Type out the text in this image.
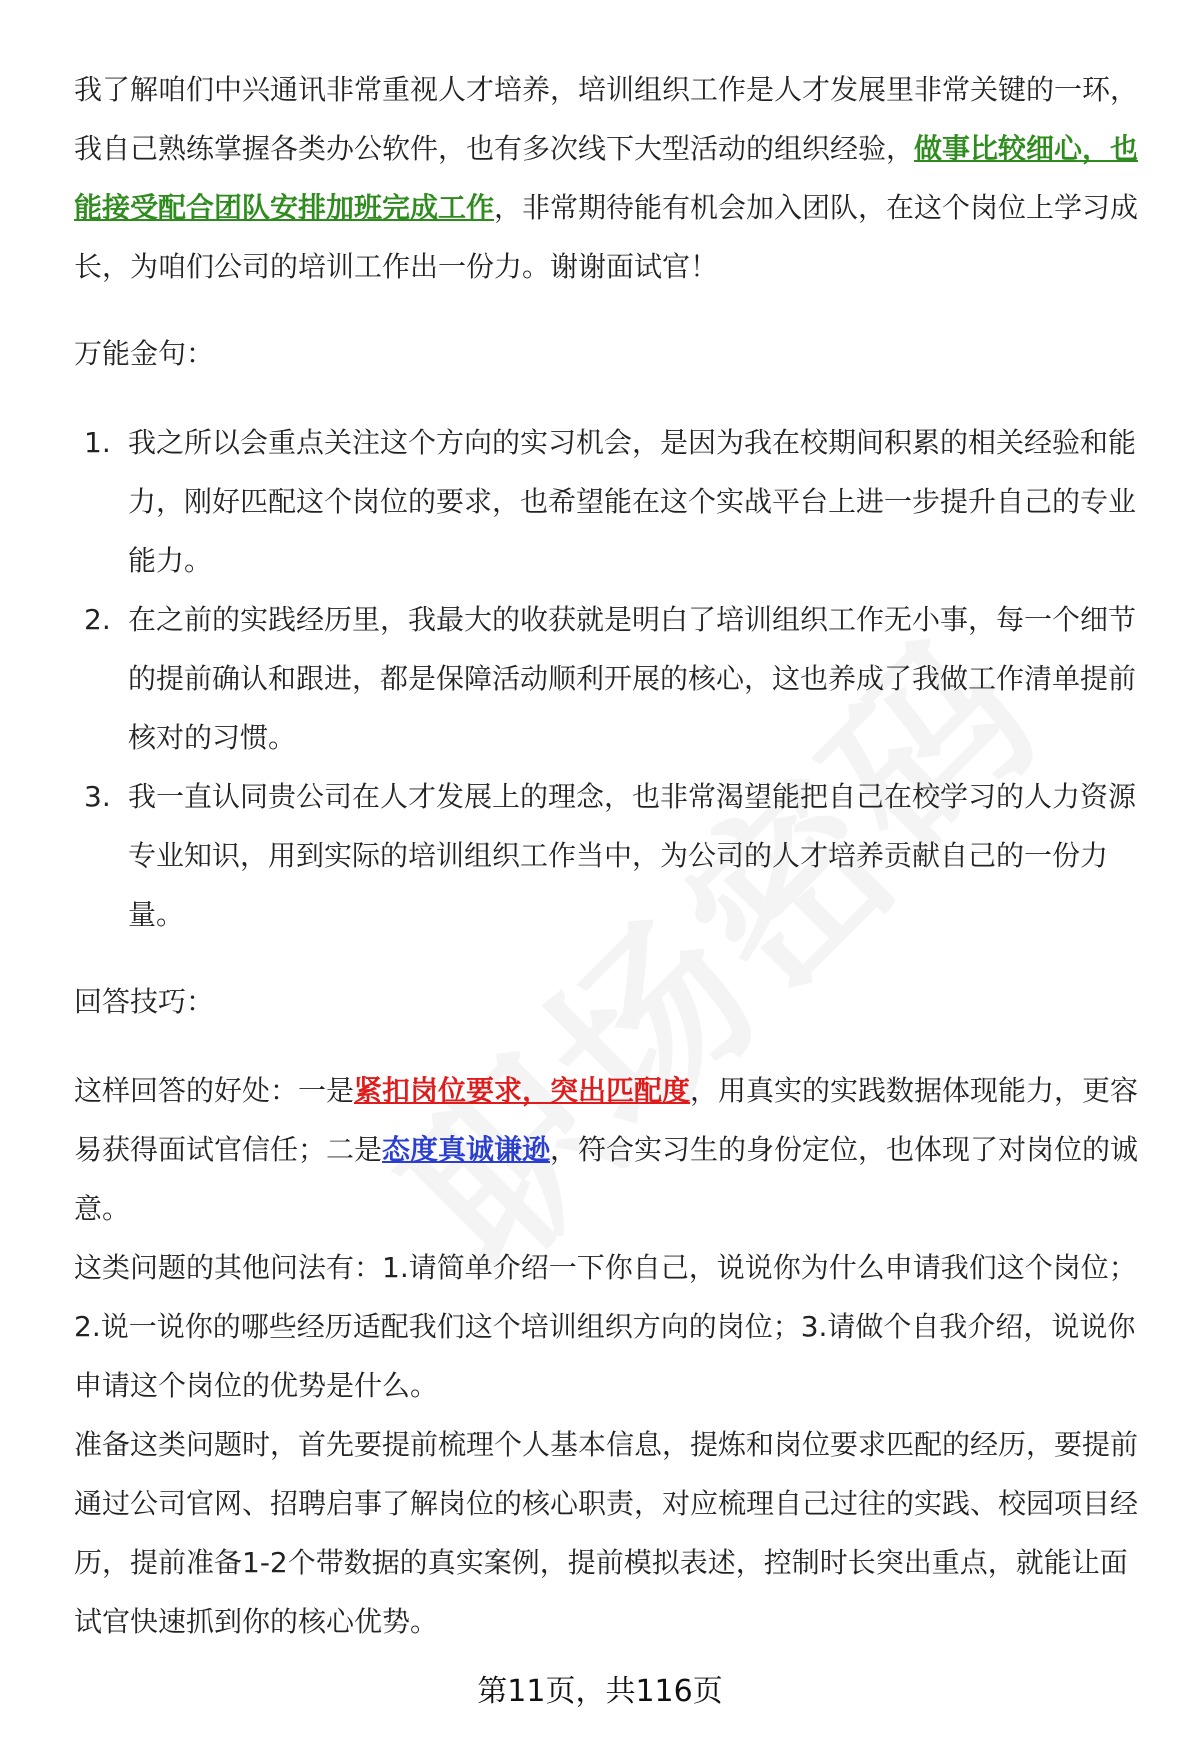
我了解咱们中兴通讯非常重视人才培养，培训组织工作是人才发展里非常关键的一环，我自己熟练掌握各类办公软件，也有多次线下大型活动的组织经验，做事比较细心，也能接受配合团队安排加班完成工作，非常期待能有机会加入团队，在这个岗位上学习成长，为咱们公司的培训工作出一份力。谢谢面试官！

万能金句：

1. 我之所以会重点关注这个方向的实习机会，是因为我在校期间积累的相关经验和能力，刚好匹配这个岗位的要求，也希望能在这个实战平台上进一步提升自己的专业能力。
2. 在之前的实践经历里，我最大的收获就是明白了培训组织工作无小事，每一个细节的提前确认和跟进，都是保障活动顺利开展的核心，这也养成了我做工作清单提前核对的习惯。
3. 我一直认同贵公司在人才发展上的理念，也非常渴望能把自己在校学习的人力资源专业知识，用到实际的培训组织工作当中，为公司的人才培养贡献自己的一份力量。

回答技巧：

这样回答的好处：一是紧扣岗位要求，突出匹配度，用真实的实践数据体现能力，更容易获得面试官信任；二是态度真诚谦逊，符合实习生的身份定位，也体现了对岗位的诚意。

这类问题的其他问法有：1.请简单介绍一下你自己，说说你为什么申请我们这个岗位；2.说一说你的哪些经历适配我们这个培训组织方向的岗位；3.请做个自我介绍，说说你申请这个岗位的优势是什么。

准备这类问题时，首先要提前梳理个人基本信息，提炼和岗位要求匹配的经历，要提前通过公司官网、招聘启事了解岗位的核心职责，对应梳理自己过往的实践、校园项目经历，提前准备1-2个带数据的真实案例，提前模拟表述，控制时长突出重点，就能让面试官快速抓到你的核心优势。

第11页，共116页
